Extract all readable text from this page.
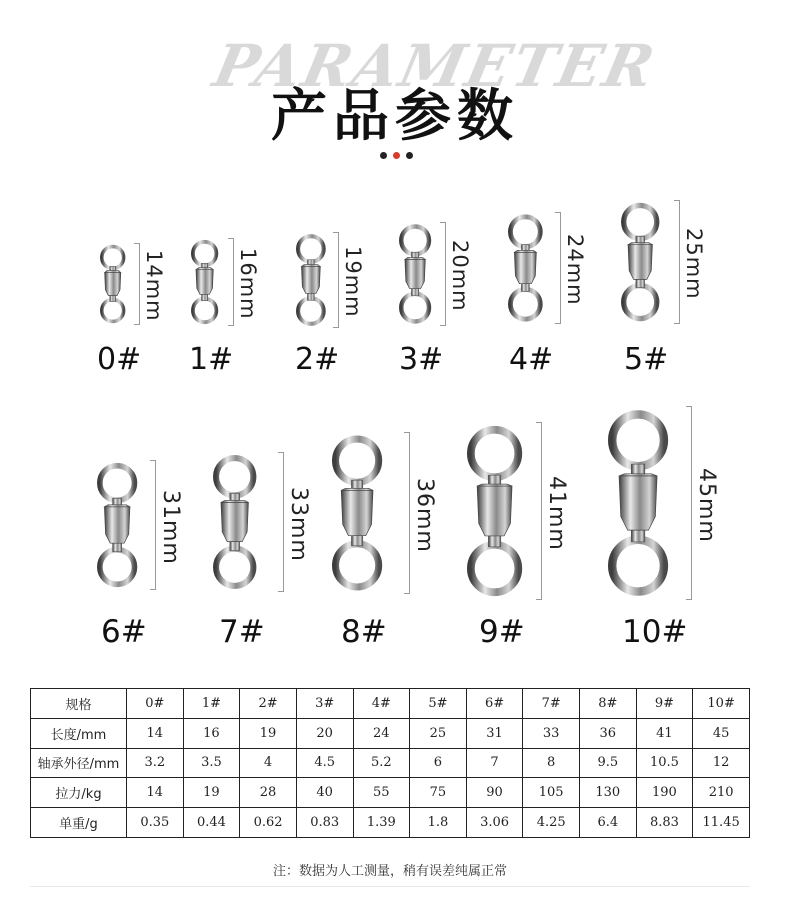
PARAMETER
产品参数
14mm
0#
16mm
1#
19mm
2#
20mm
3#
24mm
4#
25mm
5#
31mm
6#
33mm
7#
36mm
8#
41mm
9#
45mm
10#
规格	0#	1#	2#	3#	4#	5#	6#	7#	8#	9#	10#
长度/mm	14	16	19	20	24	25	31	33	36	41	45
轴承外径/mm	3.2	3.5	4	4.5	5.2	6	7	8	9.5	10.5	12
拉力/kg	14	19	28	40	55	75	90	105	130	190	210
单重/g	0.35	0.44	0.62	0.83	1.39	1.8	3.06	4.25	6.4	8.83	11.45
注：数据为人工测量，稍有误差纯属正常
